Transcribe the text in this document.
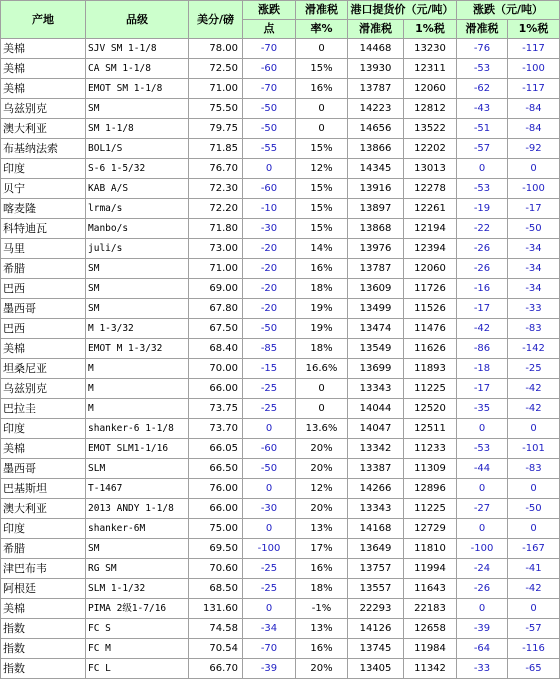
产地	品级	美分/磅	涨跌	滑准税	港口提货价（元/吨）		涨跌（元/吨）	
			点	率%	滑准税	1%税	滑准税	1%税
美棉	SJV SM 1-1/8	78.00	-70	0	14468	13230	-76	-117
美棉	CA SM 1-1/8	72.50	-60	15%	13930	12311	-53	-100
美棉	EMOT SM 1-1/8	71.00	-70	16%	13787	12060	-62	-117
乌兹别克	SM	75.50	-50	0	14223	12812	-43	-84
澳大利亚	SM 1-1/8	79.75	-50	0	14656	13522	-51	-84
布基纳法索	BOL1/S	71.85	-55	15%	13866	12202	-57	-92
印度	S-6 1-5/32	76.70	0	12%	14345	13013	0	0
贝宁	KAB A/S	72.30	-60	15%	13916	12278	-53	-100
喀麦隆	lrma/s	72.20	-10	15%	13897	12261	-19	-17
科特迪瓦	Manbo/s	71.80	-30	15%	13868	12194	-22	-50
马里	juli/s	73.00	-20	14%	13976	12394	-26	-34
希腊	SM	71.00	-20	16%	13787	12060	-26	-34
巴西	SM	69.00	-20	18%	13609	11726	-16	-34
墨西哥	SM	67.80	-20	19%	13499	11526	-17	-33
巴西	M 1-3/32	67.50	-50	19%	13474	11476	-42	-83
美棉	EMOT M 1-3/32	68.40	-85	18%	13549	11626	-86	-142
坦桑尼亚	M	70.00	-15	16.6%	13699	11893	-18	-25
乌兹别克	M	66.00	-25	0	13343	11225	-17	-42
巴拉圭	M	73.75	-25	0	14044	12520	-35	-42
印度	shanker-6 1-1/8	73.70	0	13.6%	14047	12511	0	0
美棉	EMOT SLM1-1/16	66.05	-60	20%	13342	11233	-53	-101
墨西哥	SLM	66.50	-50	20%	13387	11309	-44	-83
巴基斯坦	T-1467	76.00	0	12%	14266	12896	0	0
澳大利亚	2013 ANDY 1-1/8	66.00	-30	20%	13343	11225	-27	-50
印度	shanker-6M	75.00	0	13%	14168	12729	0	0
希腊	SM	69.50	-100	17%	13649	11810	-100	-167
津巴布韦	RG SM	70.60	-25	16%	13757	11994	-24	-41
阿根廷	SLM 1-1/32	68.50	-25	18%	13557	11643	-26	-42
美棉	PIMA 2级1-7/16	131.60	0	-1%	22293	22183	0	0
指数	FC S	74.58	-34	13%	14126	12658	-39	-57
指数	FC M	70.54	-70	16%	13745	11984	-64	-116
指数	FC L	66.70	-39	20%	13405	11342	-33	-65
